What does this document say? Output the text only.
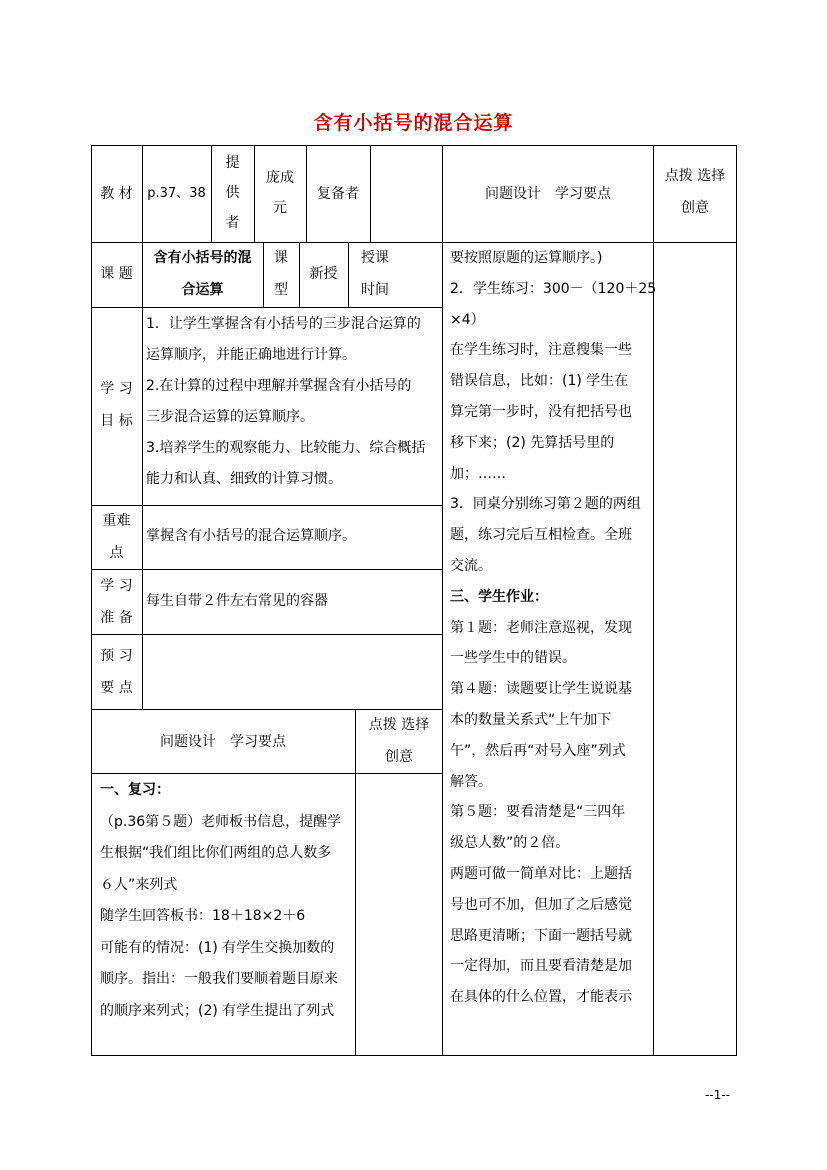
含有小括号的混合运算
教 材	p.37、38
提
供
者
庞成
元
复备者	问题设计　学习要点
点拨 选择
创意
课 题
含有小括号的混
合运算
课
型
新授
授课
时间
学 习
目 标
1．让学生掌握含有小括号的三步混合运算的
运算顺序，并能正确地进行计算。
2.在计算的过程中理解并掌握含有小括号的
三步混合运算的运算顺序。
3.培养学生的观察能力、比较能力、综合概括
能力和认真、细致的计算习惯。
重难
点
掌握含有小括号的混合运算顺序。
学 习
准 备
每生自带２件左右常见的容器
预 习
要 点
问题设计　学习要点
点拨 选择
创意
一、复习：
（p.36第５题）老师板书信息，提醒学
生根据“我们组比你们两组的总人数多
６人”来列式
随学生回答板书：18＋18×2＋6
可能有的情况：(1) 有学生交换加数的
顺序。指出：一般我们要顺着题目原来
的顺序来列式；(2) 有学生提出了列式
要按照原题的运算顺序。)
2．学生练习：300－（120＋25
×4）
在学生练习时，注意搜集一些
错误信息，比如：(1) 学生在
算完第一步时，没有把括号也
移下来；(2) 先算括号里的
加；……
3．同桌分别练习第２题的两组
题，练习完后互相检查。全班
交流。
三、学生作业：
第１题：老师注意巡视，发现
一些学生中的错误。
第４题：读题要让学生说说基
本的数量关系式“上午加下
午”，然后再“对号入座”列式
解答。
第５题：要看清楚是“三四年
级总人数”的２倍。
两题可做一简单对比：上题括
号也可不加，但加了之后感觉
思路更清晰；下面一题括号就
一定得加，而且要看清楚是加
在具体的什么位置，才能表示
--1--
